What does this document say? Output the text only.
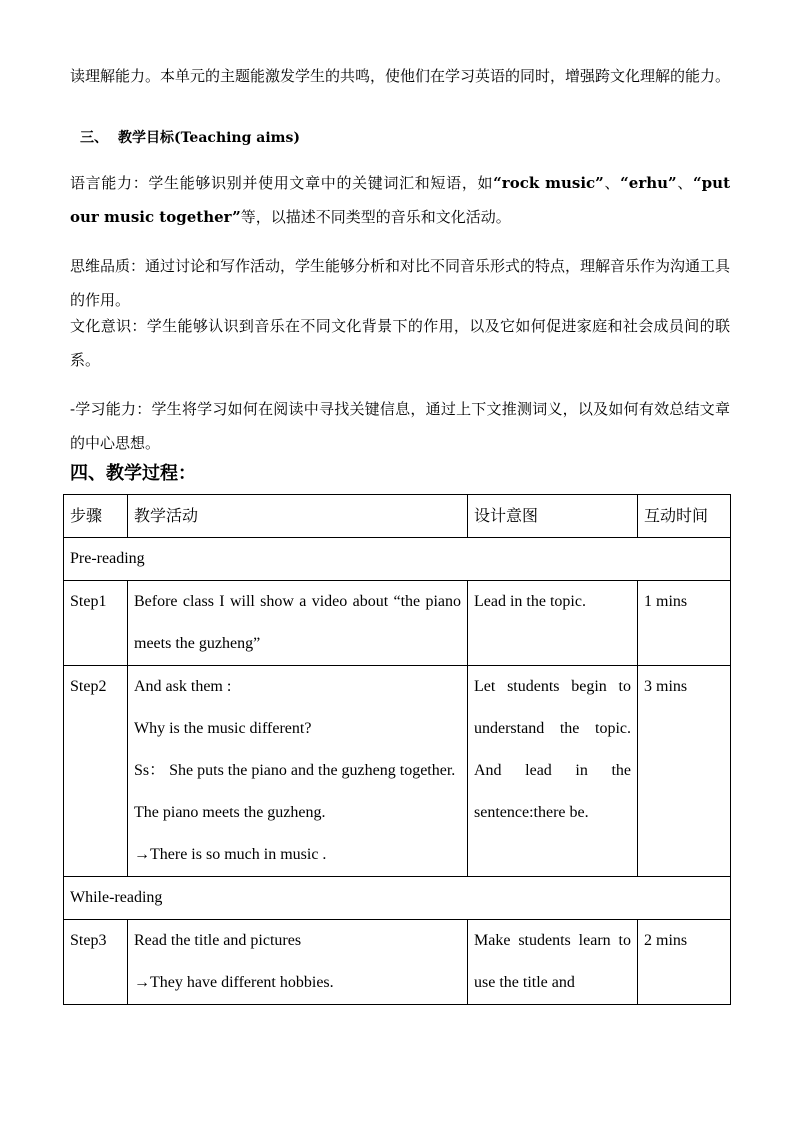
读理解能力。本单元的主题能激发学生的共鸣，使他们在学习英语的同时，增强跨文化理解的能力。

三、 教学目标(Teaching aims)

语言能力：学生能够识别并使用文章中的关键词汇和短语，如“rock music”、“erhu”、“put our music together”等，以描述不同类型的音乐和文化活动。

思维品质：通过讨论和写作活动，学生能够分析和对比不同音乐形式的特点，理解音乐作为沟通工具的作用。

文化意识：学生能够认识到音乐在不同文化背景下的作用，以及它如何促进家庭和社会成员间的联系。

-学习能力：学生将学习如何在阅读中寻找关键信息，通过上下文推测词义，以及如何有效总结文章的中心思想。

四、教学过程：
步骤	教学活动	设计意图	互动时间
Pre-reading			
Step1	Before class I will show a video about “the piano meets the guzheng”	Lead in the topic.	1 mins
Step2	And ask them :
Why is the music different?
Ss： She puts the piano and the guzheng together.
The piano meets the guzheng.
→There is so much in music .	Let students begin to understand the topic. And lead in the sentence:there be.	3 mins
While-reading			
Step3	Read the title and pictures
→They have different hobbies.	Make students learn to use the title and	2 mins
